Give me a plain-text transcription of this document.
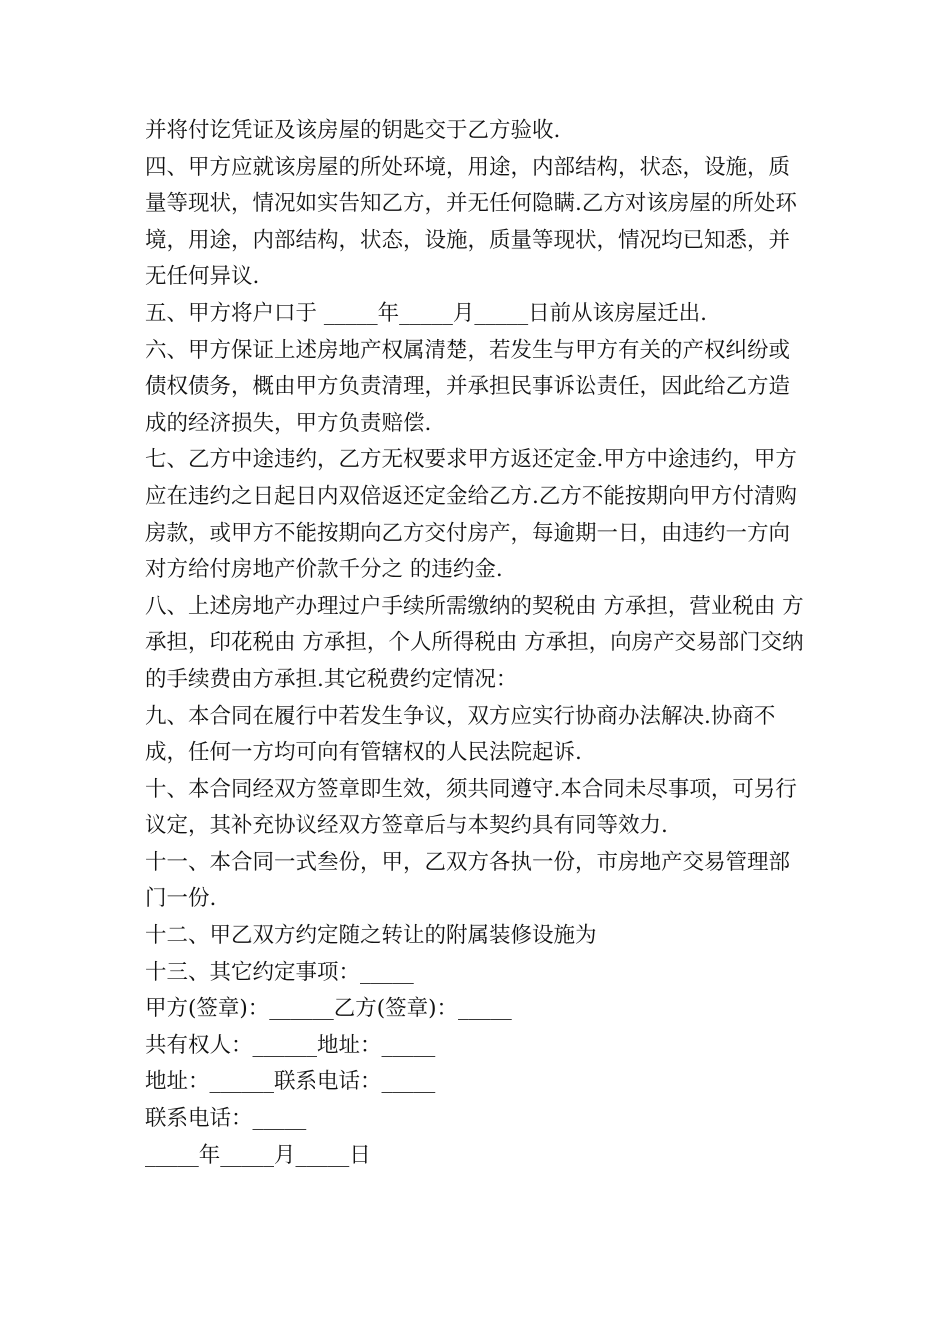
并将付讫凭证及该房屋的钥匙交于乙方验收.

四、甲方应就该房屋的所处环境，用途，内部结构，状态，设施，质量等现状，情况如实告知乙方，并无任何隐瞒.乙方对该房屋的所处环境，用途，内部结构，状态，设施，质量等现状，情况均已知悉，并无任何异议.

五、甲方将户口于 _____年_____月_____日前从该房屋迁出.

六、甲方保证上述房地产权属清楚，若发生与甲方有关的产权纠纷或债权债务，概由甲方负责清理，并承担民事诉讼责任，因此给乙方造成的经济损失，甲方负责赔偿.

七、乙方中途违约，乙方无权要求甲方返还定金.甲方中途违约，甲方应在违约之日起日内双倍返还定金给乙方.乙方不能按期向甲方付清购房款，或甲方不能按期向乙方交付房产，每逾期一日，由违约一方向对方给付房地产价款千分之 的违约金.

八、上述房地产办理过户手续所需缴纳的契税由 方承担，营业税由 方承担，印花税由 方承担，个人所得税由 方承担，向房产交易部门交纳的手续费由方承担.其它税费约定情况：

九、本合同在履行中若发生争议，双方应实行协商办法解决.协商不成，任何一方均可向有管辖权的人民法院起诉.

十、本合同经双方签章即生效，须共同遵守.本合同未尽事项，可另行议定，其补充协议经双方签章后与本契约具有同等效力.

十一、本合同一式叁份，甲，乙双方各执一份，市房地产交易管理部门一份.

十二、甲乙双方约定随之转让的附属装修设施为

十三、其它约定事项：_____

甲方(签章)：______乙方(签章)：_____

共有权人：______地址：_____

地址：______联系电话：_____

联系电话：_____

_____年_____月_____日
